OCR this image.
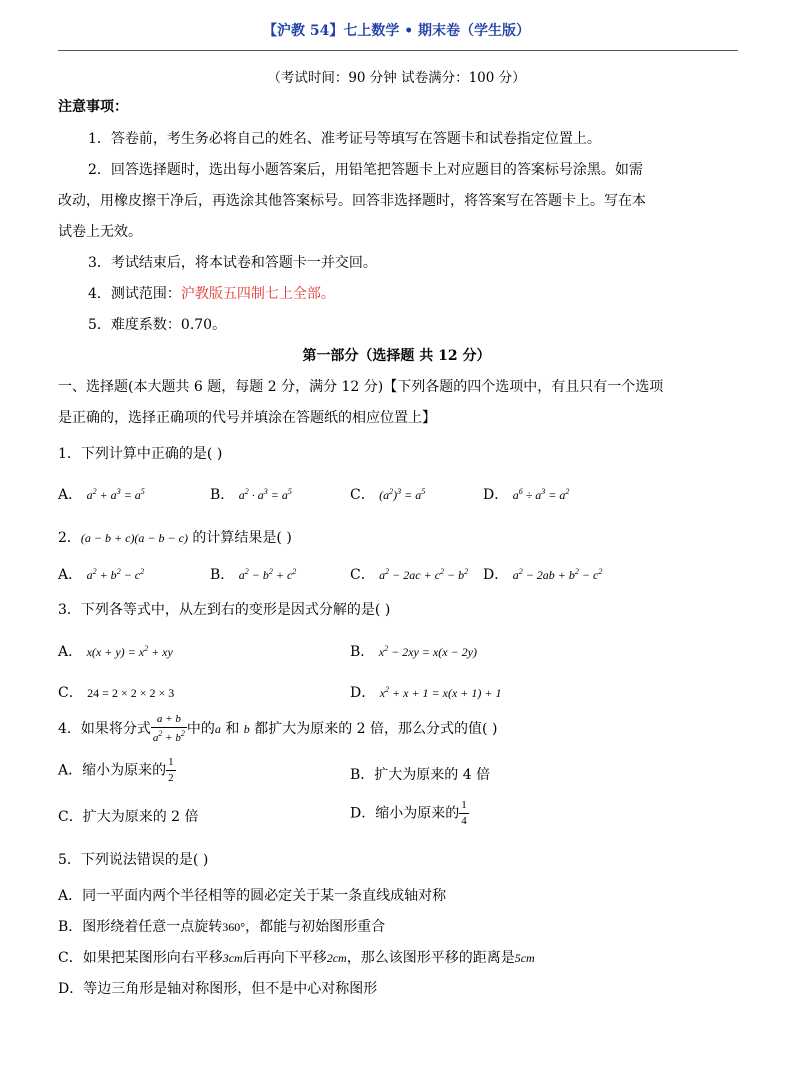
【沪教 54】七上数学 • 期末卷（学生版）
（考试时间：90 分钟 试卷满分：100 分）
注意事项：
1．答卷前，考生务必将自己的姓名、准考证号等填写在答题卡和试卷指定位置上。
2．回答选择题时，选出每小题答案后，用铅笔把答题卡上对应题目的答案标号涂黑。如需
改动，用橡皮擦干净后，再选涂其他答案标号。回答非选择题时，将答案写在答题卡上。写在本
试卷上无效。
3．考试结束后，将本试卷和答题卡一并交回。
4．测试范围：沪教版五四制七上全部。
5．难度系数：0.70。
第一部分（选择题 共 12 分）
一、选择题(本大题共 6 题，每题 2 分，满分 12 分)【下列各题的四个选项中，有且只有一个选项
是正确的，选择正确项的代号并填涂在答题纸的相应位置上】
1．下列计算中正确的是( )
A． $a^2 + a^3 = a^5$	B． $a^2 \cdot a^3 = a^5$	C． $(a^2)^3 = a^5$	D． $a^6 \div a^3 = a^2$
2．(a − b + c)(a − b − c) 的计算结果是( )
A． $a^2 + b^2 - c^2$	B． $a^2 - b^2 + c^2$	C． $a^2 - 2ac + c^2 - b^2$ D． $a^2 - 2ab + b^2 - c^2$
3．下列各等式中，从左到右的变形是因式分解的是( )
A． $x(x + y) = x^2$ + xy	B． $x^2 - 2xy = x(x - 2y)$
C． 24 = 2 × 2 × 2 × 3	D． $x^2 + x + 1 = x(x + 1) + 1$
4．如果将分式 $\frac{a + b}{a^2 + b^2}$ 中的a 和 b 都扩大为原来的 2 倍，那么分式的值( )
A．缩小为原来的 $\frac{1}{2}$	B．扩大为原来的 4 倍
C．扩大为原来的 2 倍	D．缩小为原来的 $\frac{1}{4}$
5．下列说法错误的是( )
A．同一平面内两个半径相等的圆必定关于某一条直线成轴对称
B．图形绕着任意一点旋转360°，都能与初始图形重合
C．如果把某图形向右平移3cm后再向下平移2cm，那么该图形平移的距离是5cm
D．等边三角形是轴对称图形，但不是中心对称图形
